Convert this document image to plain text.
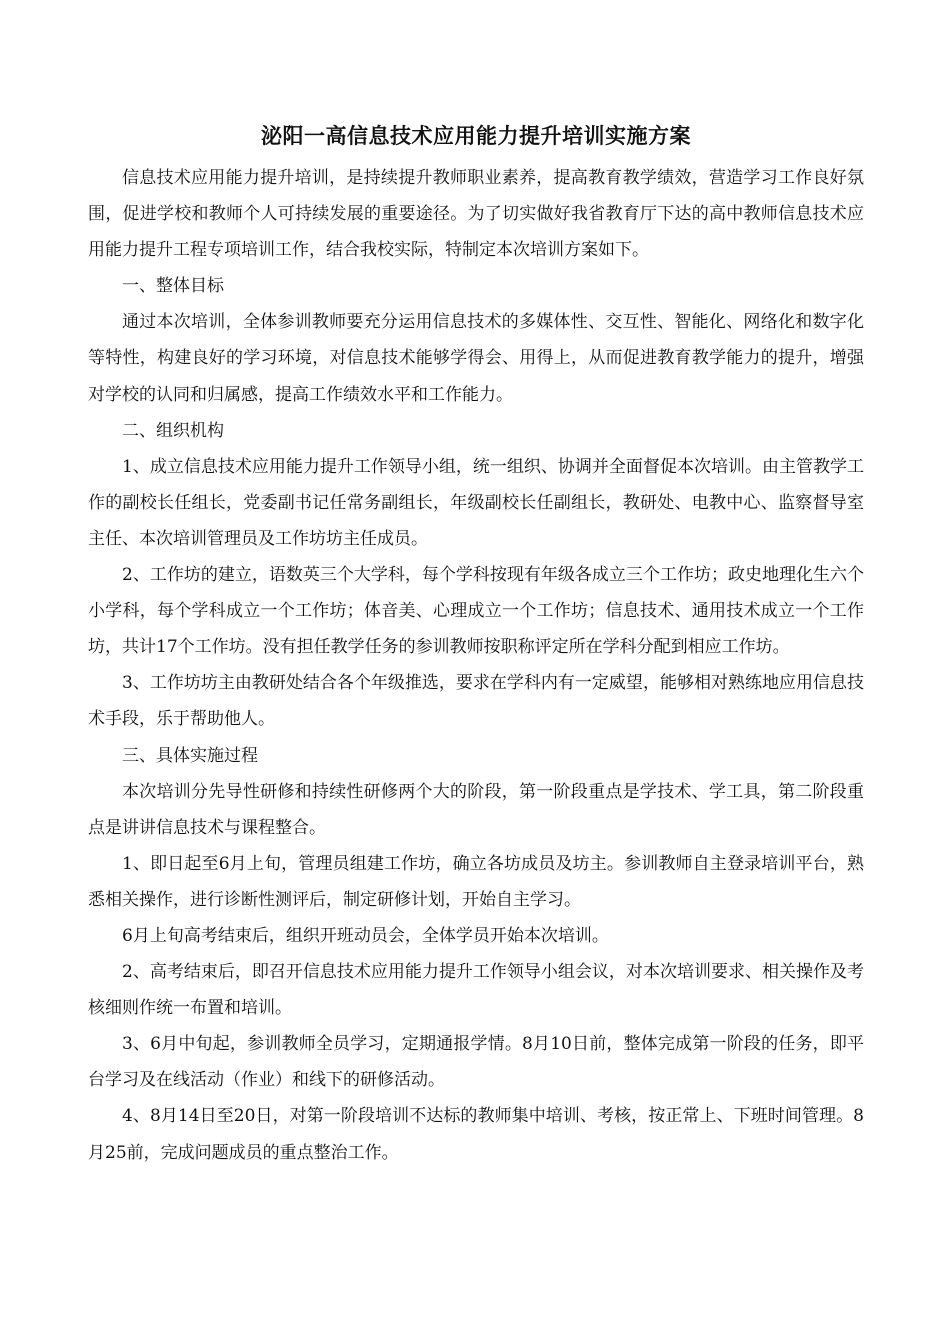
泌阳一高信息技术应用能力提升培训实施方案

信息技术应用能力提升培训，是持续提升教师职业素养，提高教育教学绩效，营造学习工作良好氛围，促进学校和教师个人可持续发展的重要途径。为了切实做好我省教育厅下达的高中教师信息技术应用能力提升工程专项培训工作，结合我校实际，特制定本次培训方案如下。

一、整体目标

通过本次培训，全体参训教师要充分运用信息技术的多媒体性、交互性、智能化、网络化和数字化等特性，构建良好的学习环境，对信息技术能够学得会、用得上，从而促进教育教学能力的提升，增强对学校的认同和归属感，提高工作绩效水平和工作能力。

二、组织机构

1、成立信息技术应用能力提升工作领导小组，统一组织、协调并全面督促本次培训。由主管教学工作的副校长任组长，党委副书记任常务副组长，年级副校长任副组长，教研处、电教中心、监察督导室主任、本次培训管理员及工作坊坊主任成员。

2、工作坊的建立，语数英三个大学科，每个学科按现有年级各成立三个工作坊；政史地理化生六个小学科，每个学科成立一个工作坊；体音美、心理成立一个工作坊；信息技术、通用技术成立一个工作坊，共计17个工作坊。没有担任教学任务的参训教师按职称评定所在学科分配到相应工作坊。

3、工作坊坊主由教研处结合各个年级推选，要求在学科内有一定威望，能够相对熟练地应用信息技术手段，乐于帮助他人。

三、具体实施过程

本次培训分先导性研修和持续性研修两个大的阶段，第一阶段重点是学技术、学工具，第二阶段重点是讲讲信息技术与课程整合。

1、即日起至6月上旬，管理员组建工作坊，确立各坊成员及坊主。参训教师自主登录培训平台，熟悉相关操作，进行诊断性测评后，制定研修计划，开始自主学习。

6月上旬高考结束后，组织开班动员会，全体学员开始本次培训。

2、高考结束后，即召开信息技术应用能力提升工作领导小组会议，对本次培训要求、相关操作及考核细则作统一布置和培训。

3、6月中旬起，参训教师全员学习，定期通报学情。8月10日前，整体完成第一阶段的任务，即平台学习及在线活动（作业）和线下的研修活动。

4、8月14日至20日，对第一阶段培训不达标的教师集中培训、考核，按正常上、下班时间管理。8月25前，完成问题成员的重点整治工作。
